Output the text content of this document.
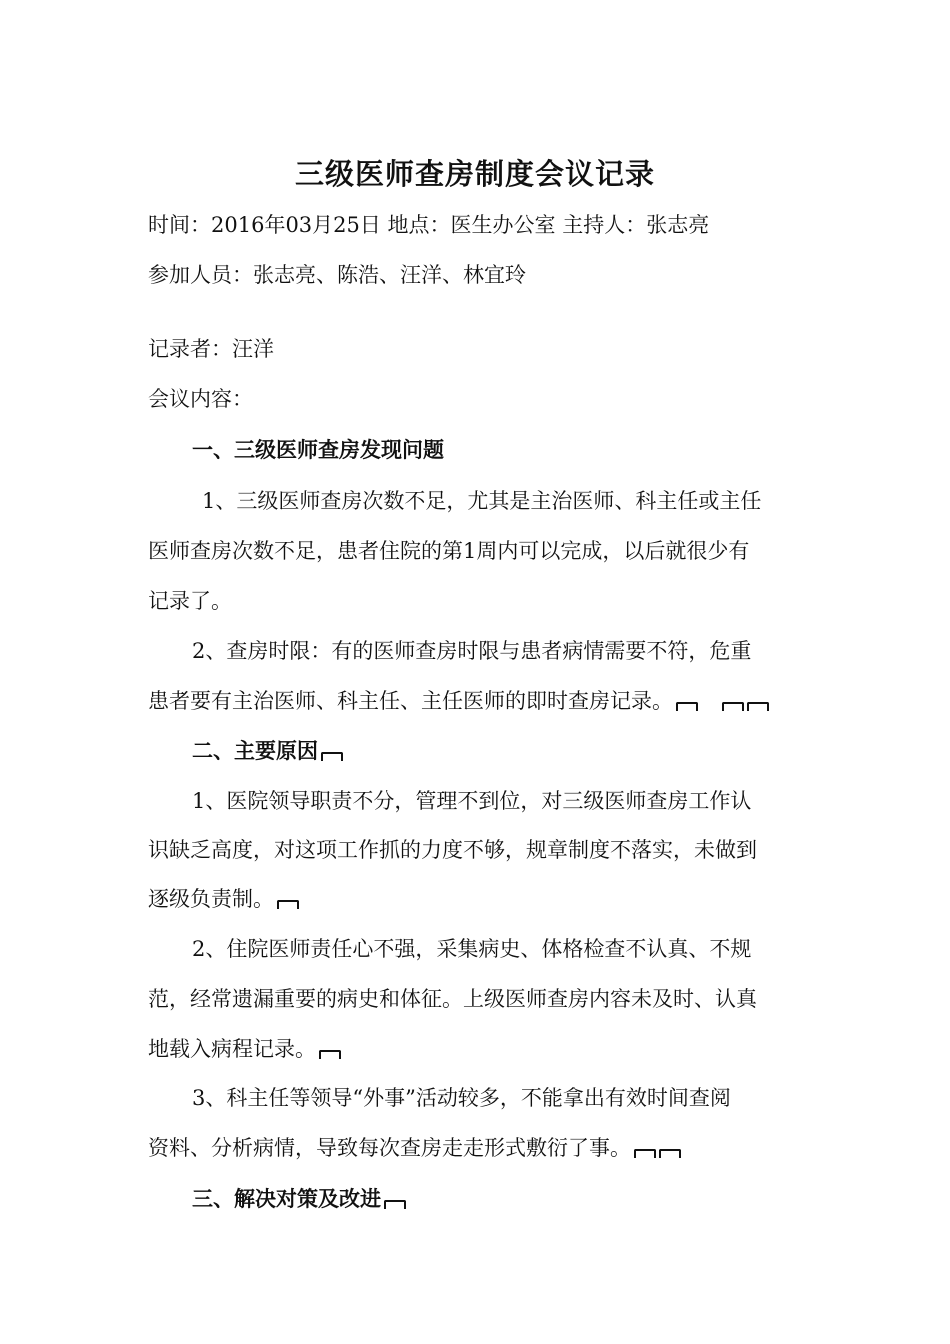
三级医师查房制度会议记录
时间：2016年03月25日 地点：医生办公室 主持人：张志亮
参加人员：张志亮、陈浩、汪洋、林宜玲
记录者：汪洋
会议内容：
一、三级医师查房发现问题
1、三级医师查房次数不足，尤其是主治医师、科主任或主任
医师查房次数不足，患者住院的第1周内可以完成，以后就很少有
记录了。
2、查房时限：有的医师查房时限与患者病情需要不符，危重
患者要有主治医师、科主任、主任医师的即时查房记录。
二、主要原因
1、医院领导职责不分，管理不到位，对三级医师查房工作认
识缺乏高度，对这项工作抓的力度不够，规章制度不落实，未做到
逐级负责制。
2、住院医师责任心不强，采集病史、体格检查不认真、不规
范，经常遗漏重要的病史和体征。上级医师查房内容未及时、认真
地载入病程记录。
3、科主任等领导“外事”活动较多，不能拿出有效时间查阅
资料、分析病情，导致每次查房走走形式敷衍了事。
三、解决对策及改进
